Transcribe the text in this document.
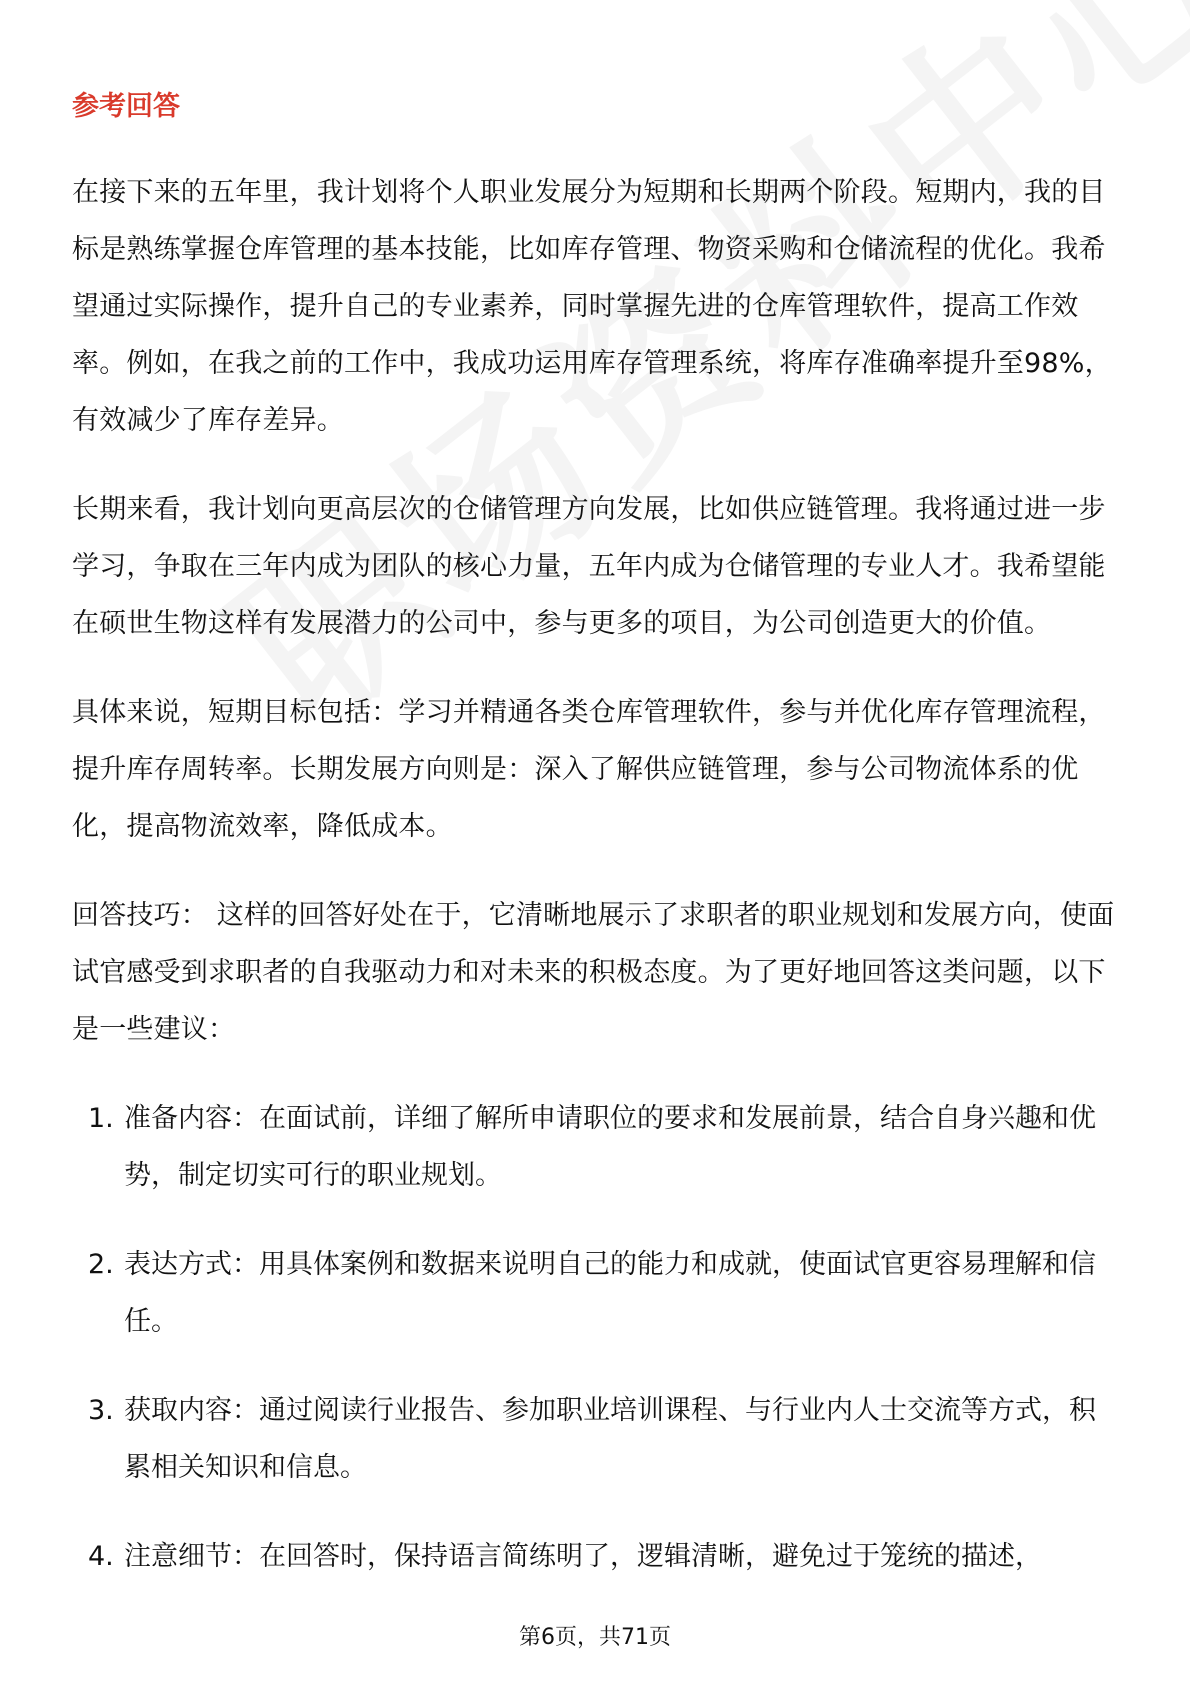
参考回答

在接下来的五年里，我计划将个人职业发展分为短期和长期两个阶段。短期内，我的目标是熟练掌握仓库管理的基本技能，比如库存管理、物资采购和仓储流程的优化。我希望通过实际操作，提升自己的专业素养，同时掌握先进的仓库管理软件，提高工作效率。例如，在我之前的工作中，我成功运用库存管理系统，将库存准确率提升至98%，有效减少了库存差异。

长期来看，我计划向更高层次的仓储管理方向发展，比如供应链管理。我将通过进一步学习，争取在三年内成为团队的核心力量，五年内成为仓储管理的专业人才。我希望能在硕世生物这样有发展潜力的公司中，参与更多的项目，为公司创造更大的价值。

具体来说，短期目标包括：学习并精通各类仓库管理软件，参与并优化库存管理流程，提升库存周转率。长期发展方向则是：深入了解供应链管理，参与公司物流体系的优化，提高物流效率，降低成本。

回答技巧： 这样的回答好处在于，它清晰地展示了求职者的职业规划和发展方向，使面试官感受到求职者的自我驱动力和对未来的积极态度。为了更好地回答这类问题，以下是一些建议：

1. 准备内容：在面试前，详细了解所申请职位的要求和发展前景，结合自身兴趣和优势，制定切实可行的职业规划。
2. 表达方式：用具体案例和数据来说明自己的能力和成就，使面试官更容易理解和信任。
3. 获取内容：通过阅读行业报告、参加职业培训课程、与行业内人士交流等方式，积累相关知识和信息。
4. 注意细节：在回答时，保持语言简练明了，逻辑清晰，避免过于笼统的描述，
第6页，共71页
